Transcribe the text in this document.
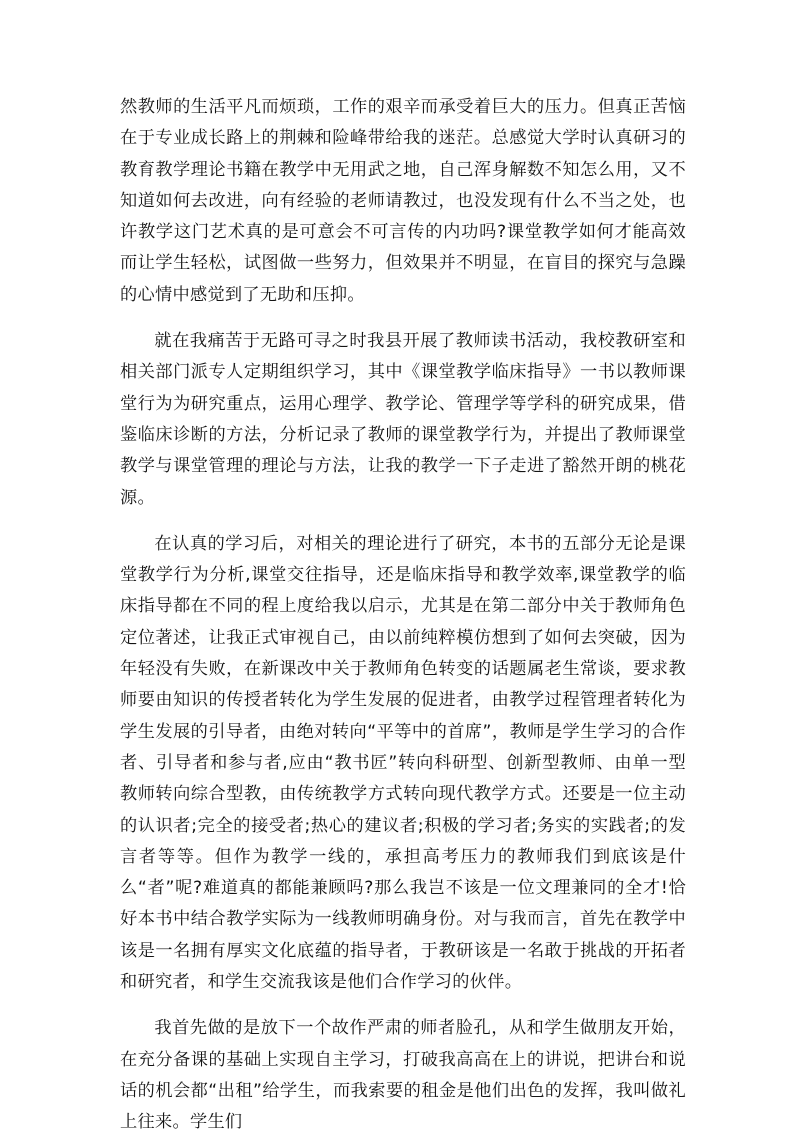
然教师的生活平凡而烦琐，工作的艰辛而承受着巨大的压力。但真正苦恼在于专业成长路上的荆棘和险峰带给我的迷茫。总感觉大学时认真研习的教育教学理论书籍在教学中无用武之地，自己浑身解数不知怎么用，又不知道如何去改进，向有经验的老师请教过，也没发现有什么不当之处，也许教学这门艺术真的是可意会不可言传的内功吗?课堂教学如何才能高效而让学生轻松，试图做一些努力，但效果并不明显，在盲目的探究与急躁的心情中感觉到了无助和压抑。

就在我痛苦于无路可寻之时我县开展了教师读书活动，我校教研室和相关部门派专人定期组织学习，其中《课堂教学临床指导》一书以教师课堂行为为研究重点，运用心理学、教学论、管理学等学科的研究成果，借鉴临床诊断的方法，分析记录了教师的课堂教学行为，并提出了教师课堂教学与课堂管理的理论与方法，让我的教学一下子走进了豁然开朗的桃花源。

在认真的学习后，对相关的理论进行了研究，本书的五部分无论是课堂教学行为分析,课堂交往指导，还是临床指导和教学效率,课堂教学的临床指导都在不同的程上度给我以启示，尤其是在第二部分中关于教师角色定位著述，让我正式审视自己，由以前纯粹模仿想到了如何去突破，因为年轻没有失败，在新课改中关于教师角色转变的话题属老生常谈，要求教师要由知识的传授者转化为学生发展的促进者，由教学过程管理者转化为学生发展的引导者，由绝对转向“平等中的首席”，教师是学生学习的合作者、引导者和参与者,应由“教书匠”转向科研型、创新型教师、由单一型教师转向综合型教，由传统教学方式转向现代教学方式。还要是一位主动的认识者;完全的接受者;热心的建议者;积极的学习者;务实的实践者;的发言者等等。但作为教学一线的，承担高考压力的教师我们到底该是什么“者”呢?难道真的都能兼顾吗?那么我岂不该是一位文理兼同的全才!恰好本书中结合教学实际为一线教师明确身份。对与我而言，首先在教学中该是一名拥有厚实文化底蕴的指导者，于教研该是一名敢于挑战的开拓者和研究者，和学生交流我该是他们合作学习的伙伴。

我首先做的是放下一个故作严肃的师者脸孔，从和学生做朋友开始，在充分备课的基础上实现自主学习，打破我高高在上的讲说，把讲台和说话的机会都“出租”给学生，而我索要的租金是他们出色的发挥，我叫做礼上往来。学生们
